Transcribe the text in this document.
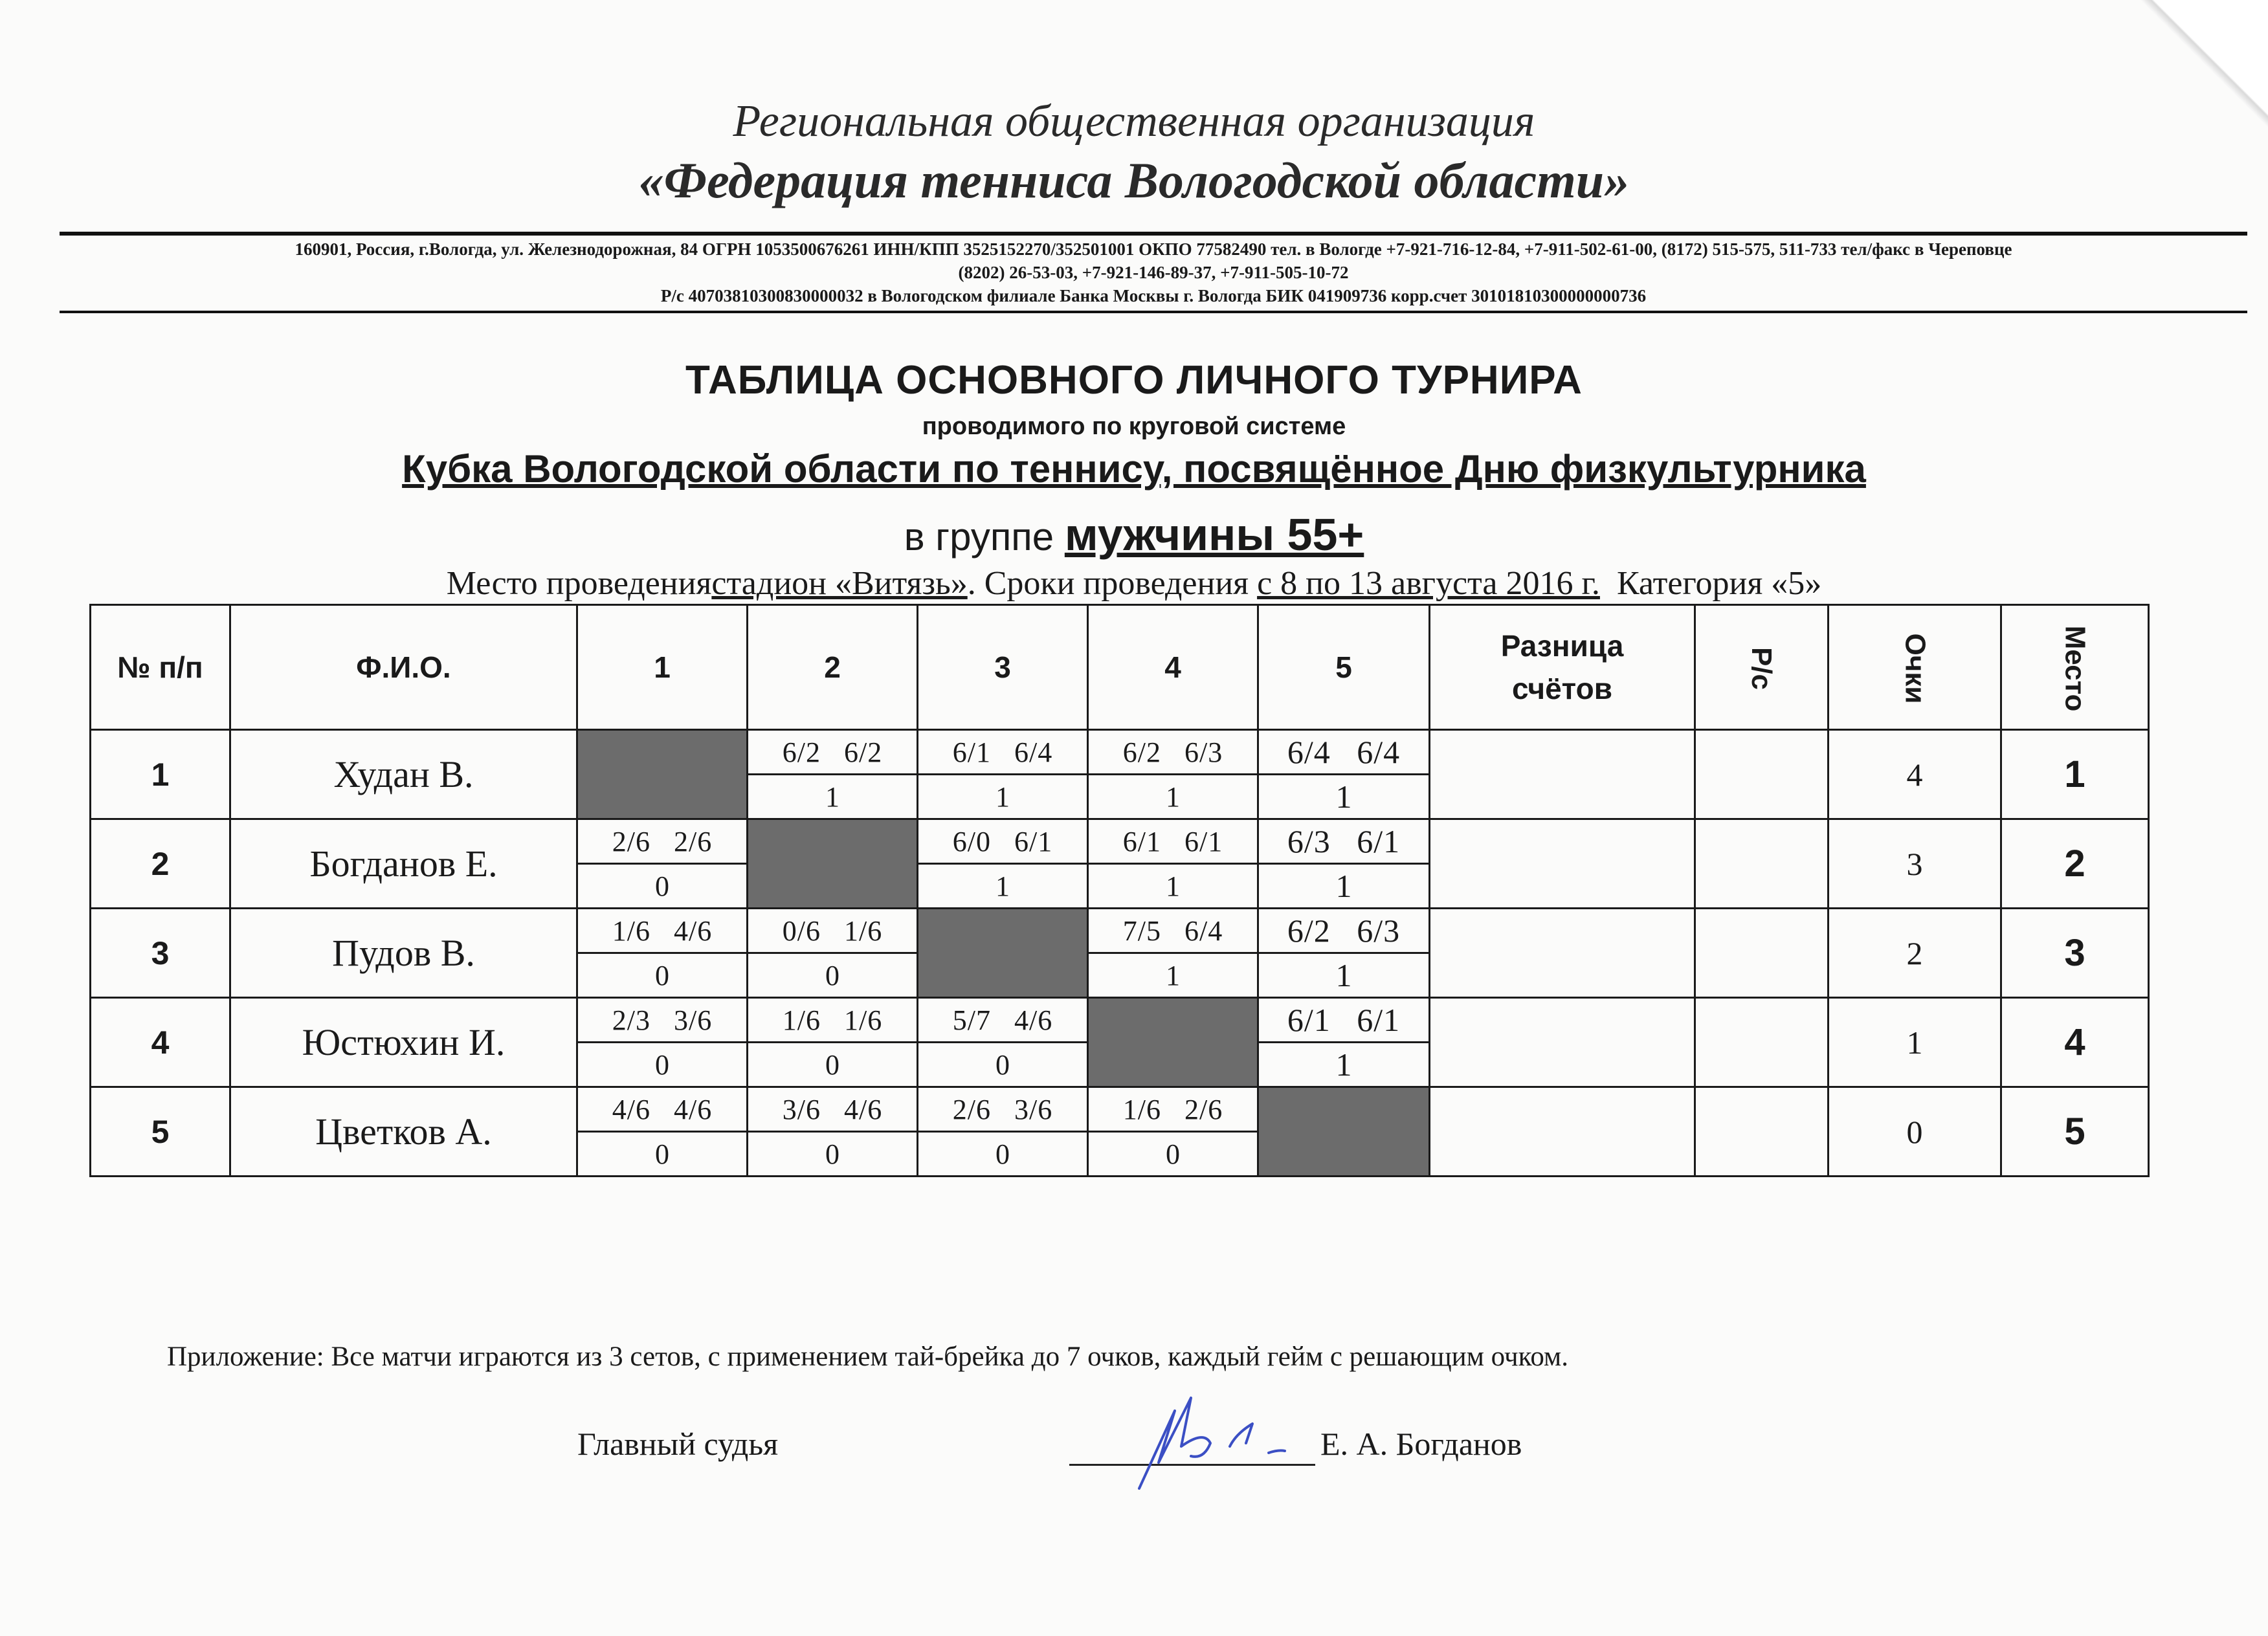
Региональная общественная организация
«Федерация тенниса Вологодской области»
160901, Россия, г.Вологда, ул. Железнодорожная, 84 ОГРН 1053500676261 ИНН/КПП 3525152270/352501001 ОКПО 77582490 тел. в Вологде +7-921-716-12-84, +7-911-502-61-00, (8172) 515-575, 511-733 тел/факс в Череповце
(8202) 26-53-03, +7-921-146-89-37, +7-911-505-10-72
Р/с 40703810300830000032 в Вологодском филиале Банка Москвы г. Вологда БИК 041909736 корр.счет 30101810300000000736
ТАБЛИЦА ОСНОВНОГО ЛИЧНОГО ТУРНИРА
проводимого по круговой системе
Кубка Вологодской области по теннису, посвящённое Дню физкультурника
в группе мужчины 55+
Место проведениястадион «Витязь». Сроки проведения с 8 по 13 августа 2016 г. Категория «5»
№ п/п	Ф.И.О.	1	2	3	4	5	Разница
счётов	Р/с	Очки	Место
1	Худан В.		6/2   6/2	6/1   6/4	6/2   6/3	6/4   6/4			4	1
			1	1	1	1				
2	Богданов Е.	2/6   2/6		6/0   6/1	6/1   6/1	6/3   6/1			3	2
		0		1	1	1				
3	Пудов В.	1/6   4/6	0/6   1/6		7/5   6/4	6/2   6/3			2	3
		0	0		1	1				
4	Юстюхин И.	2/3   3/6	1/6   1/6	5/7   4/6		6/1   6/1			1	4
		0	0	0		1				
5	Цветков А.	4/6   4/6	3/6   4/6	2/6   3/6	1/6   2/6				0	5
		0	0	0	0					
Приложение: Все матчи играются из 3 сетов, с применением тай-брейка до 7 очков, каждый гейм с решающим очком.
Главный судья	Е. А. Богданов
